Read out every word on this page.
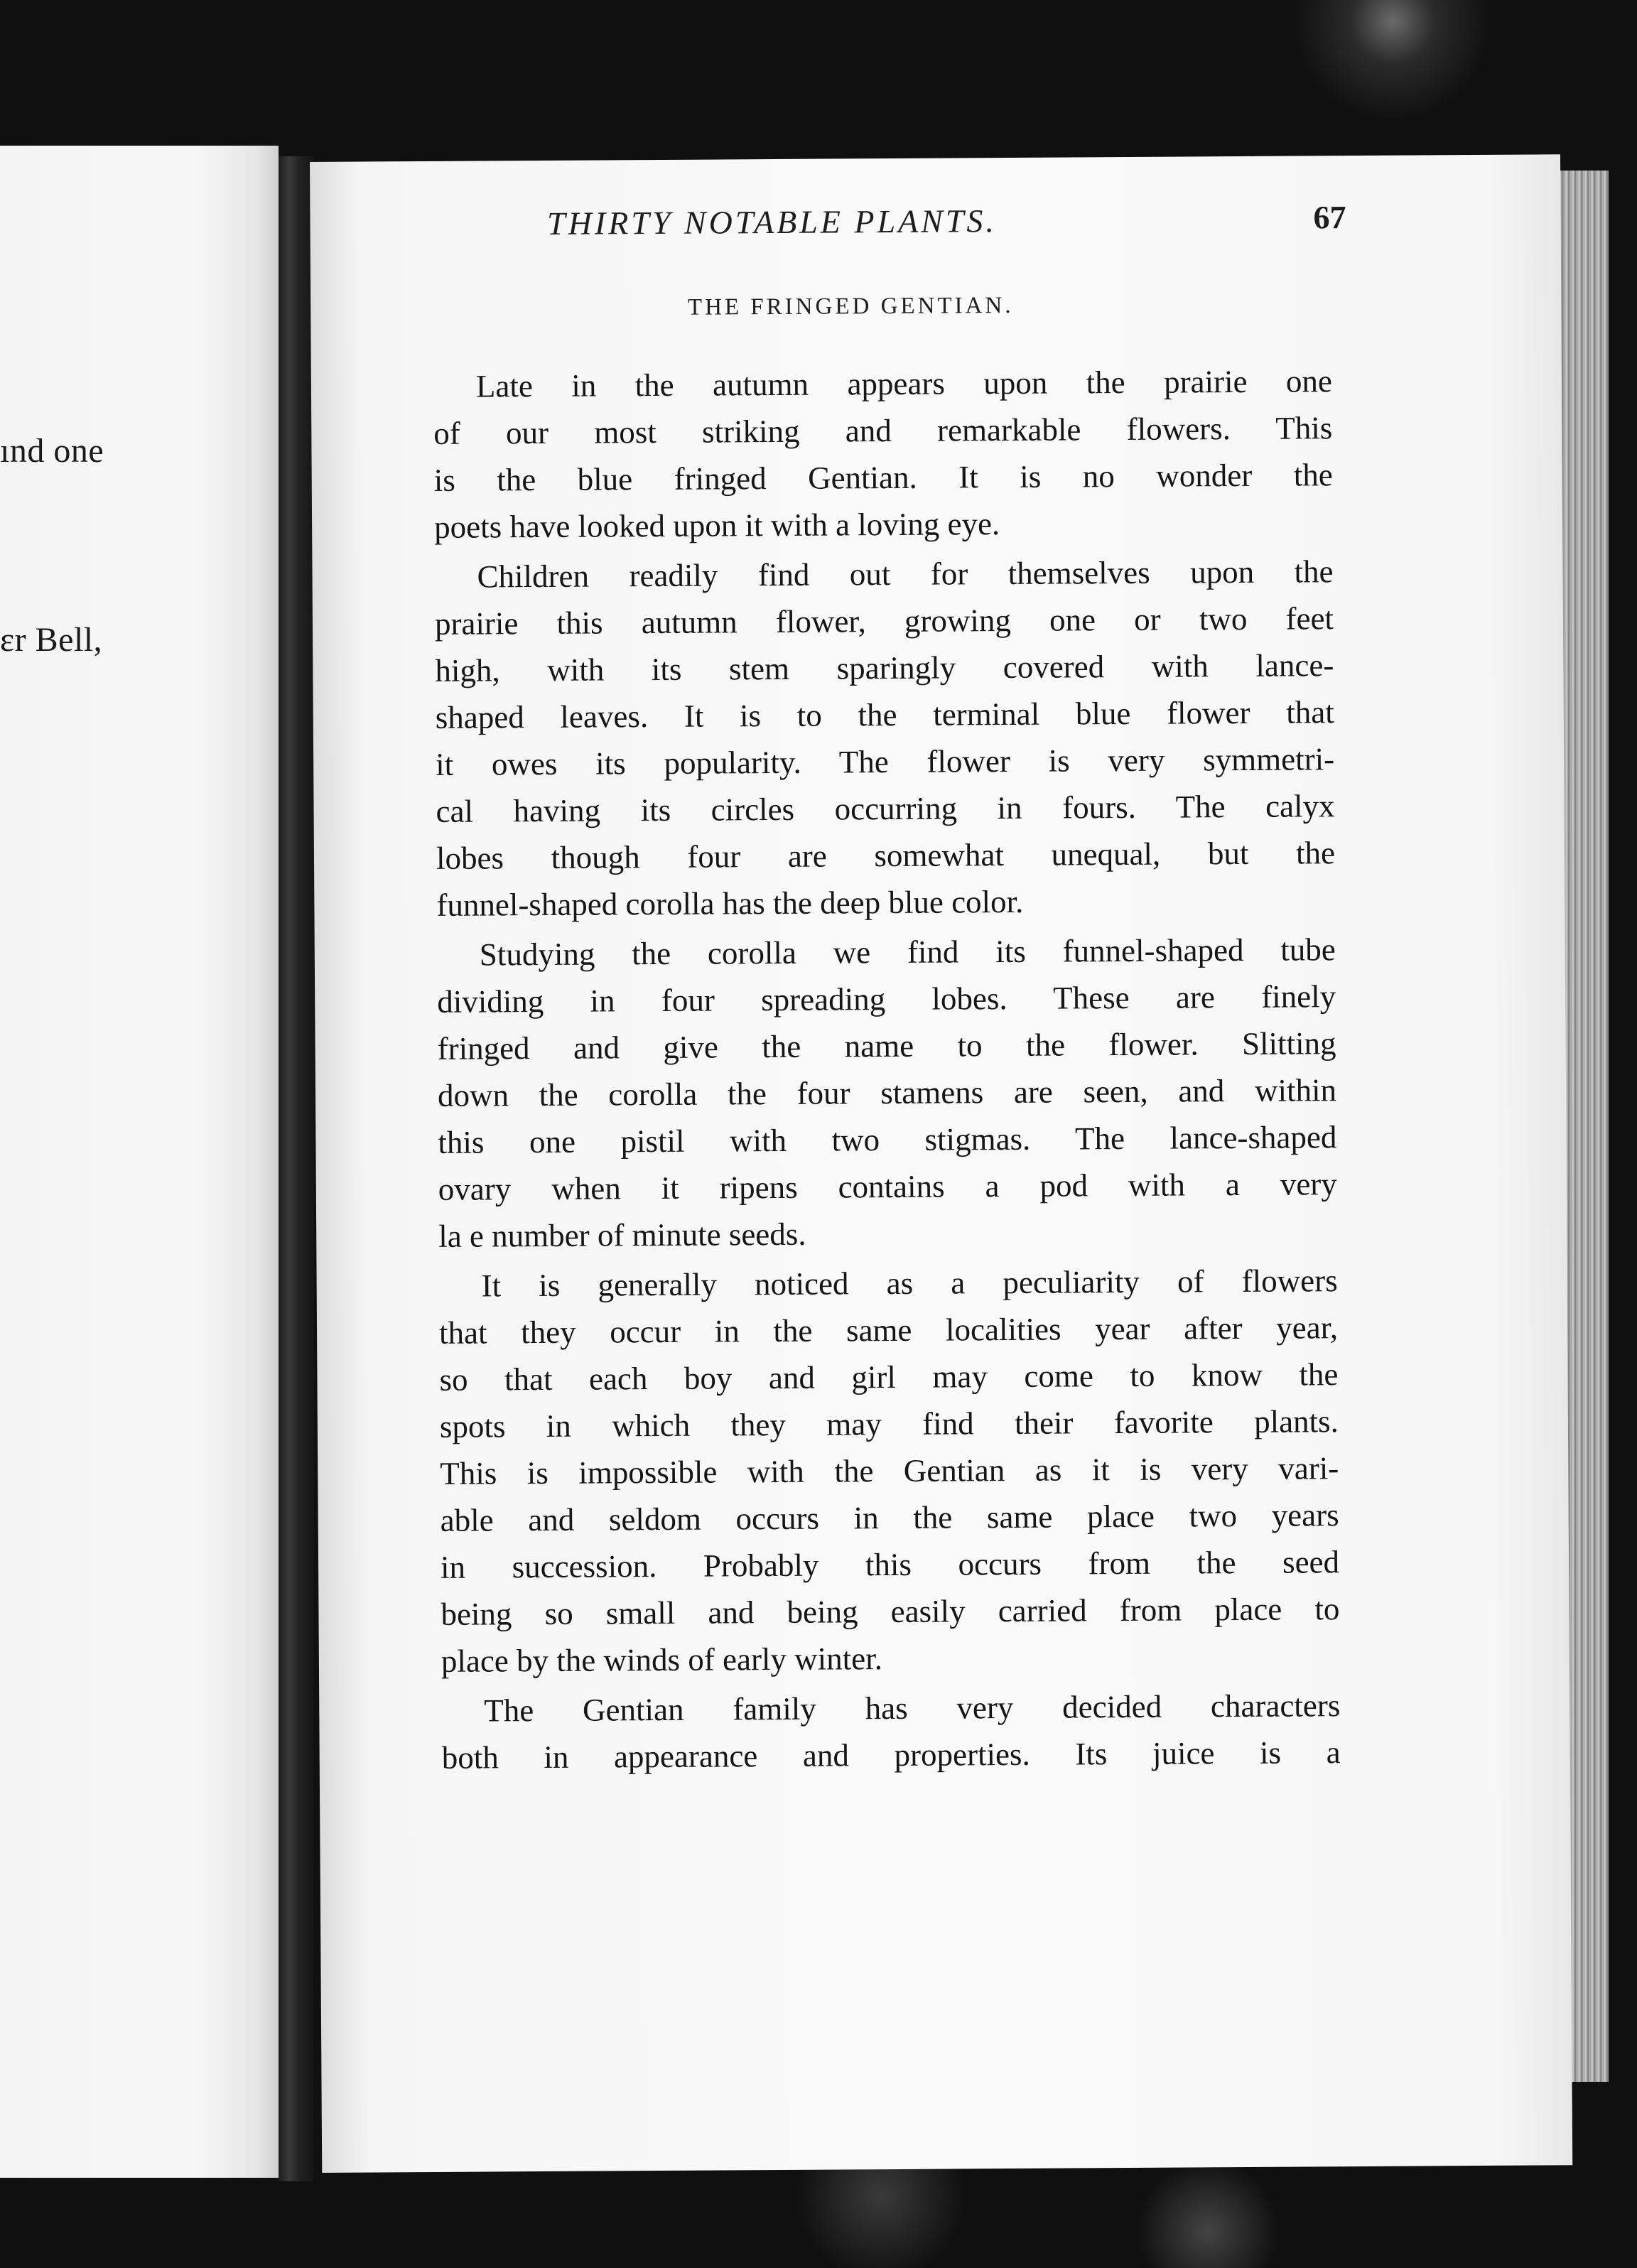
ınd one
ɛr Bell,
THIRTY NOTABLE PLANTS.	67
THE FRINGED GENTIAN.
Late in the autumn appears upon the prairie one
of our most striking and remarkable flowers. This
is the blue fringed Gentian. It is no wonder the
poets have looked upon it with a loving eye.
Children readily find out for themselves upon the
prairie this autumn flower, growing one or two feet
high, with its stem sparingly covered with lance-
shaped leaves. It is to the terminal blue flower that
it owes its popularity. The flower is very symmetri-
cal having its circles occurring in fours. The calyx
lobes though four are somewhat unequal, but the
funnel-shaped corolla has the deep blue color.
Studying the corolla we find its funnel-shaped tube
dividing in four spreading lobes. These are finely
fringed and give the name to the flower. Slitting
down the corolla the four stamens are seen, and within
this one pistil with two stigmas. The lance-shaped
ovary when it ripens contains a pod with a very
la e number of minute seeds.
It is generally noticed as a peculiarity of flowers
that they occur in the same localities year after year,
so that each boy and girl may come to know the
spots in which they may find their favorite plants.
This is impossible with the Gentian as it is very vari-
able and seldom occurs in the same place two years
in succession. Probably this occurs from the seed
being so small and being easily carried from place to
place by the winds of early winter.
The Gentian family has very decided characters
both in appearance and properties. Its juice is a
